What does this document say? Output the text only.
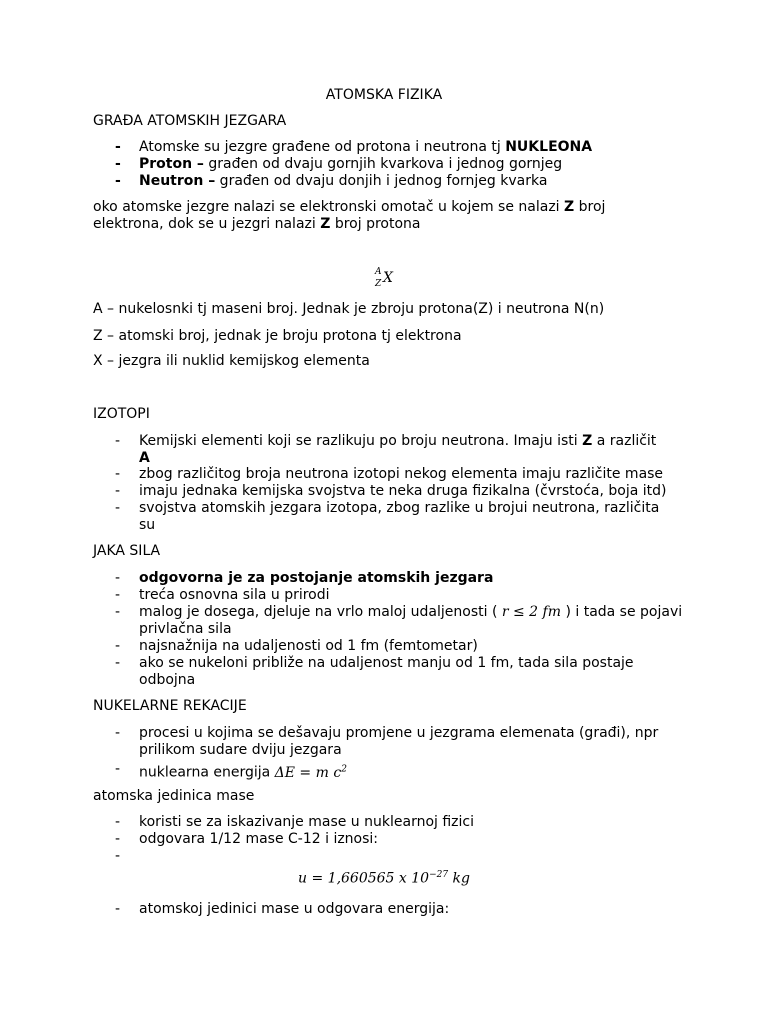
ATOMSKA FIZIKA
GRAĐA ATOMSKIH JEZGARA
- Atomske su jezgre građene od protona i neutrona tj NUKLEONA
- Proton – građen od dvaju gornjih kvarkova i jednog gornjeg
- Neutron – građen od dvaju donjih i jednog fornjeg kvarka
oko atomske jezgre nalazi se elektronski omotač u kojem se nalazi Z broj
elektrona, dok se u jezgri nalazi Z broj protona
A
Z X
A – nukelosnki tj maseni broj. Jednak je zbroju protona(Z) i neutrona N(n)
Z – atomski broj, jednak je broju protona tj elektrona
X – jezgra ili nuklid kemijskog elementa
IZOTOPI
- Kemijski elementi koji se razlikuju po broju neutrona. Imaju isti Z a različit
A
- zbog različitog broja neutrona izotopi nekog elementa imaju različite mase
- imaju jednaka kemijska svojstva te neka druga fizikalna (čvrstoća, boja itd)
- svojstva atomskih jezgara izotopa, zbog razlike u brojui neutrona, različita
su
JAKA SILA
- odgovorna je za postojanje atomskih jezgara
- treća osnovna sila u prirodi
- malog je dosega, djeluje na vrlo maloj udaljenosti ( r ≤ 2 fm ) i tada se pojavi
privlačna sila
- najsnažnija na udaljenosti od 1 fm (femtometar)
- ako se nukeloni približe na udaljenost manju od 1 fm, tada sila postaje
odbojna
NUKELARNE REKACIJE
- procesi u kojima se dešavaju promjene u jezgrama elemenata (građi), npr
prilikom sudare dviju jezgara
- nuklearna energija ΔE = m $c^2$
atomska jedinica mase
- koristi se za iskazivanje mase u nuklearnoj fizici
- odgovara 1/12 mase C-12 i iznosi:
-
u = 1,660565 x $10^{-27}$ kg
- atomskoj jedinici mase u odgovara energija:
